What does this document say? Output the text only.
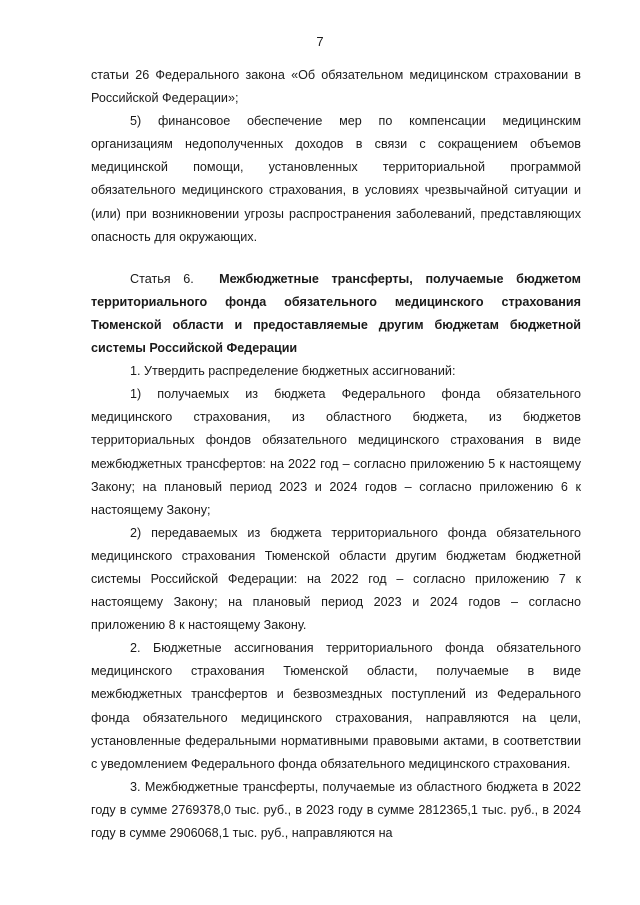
7

статьи 26 Федерального закона «Об обязательном медицинском страховании в Российской Федерации»;

5) финансовое обеспечение мер по компенсации медицинским организациям недополученных доходов в связи с сокращением объемов медицинской помощи, установленных территориальной программой обязательного медицинского страхования, в условиях чрезвычайной ситуации и (или) при возникновении угрозы распространения заболеваний, представляющих опасность для окружающих.

Статья 6. Межбюджетные трансферты, получаемые бюджетом территориального фонда обязательного медицинского страхования Тюменской области и предоставляемые другим бюджетам бюджетной системы Российской Федерации

1. Утвердить распределение бюджетных ассигнований:

1) получаемых из бюджета Федерального фонда обязательного медицинского страхования, из областного бюджета, из бюджетов территориальных фондов обязательного медицинского страхования в виде межбюджетных трансфертов: на 2022 год – согласно приложению 5 к настоящему Закону; на плановый период 2023 и 2024 годов – согласно приложению 6 к настоящему Закону;

2) передаваемых из бюджета территориального фонда обязательного медицинского страхования Тюменской области другим бюджетам бюджетной системы Российской Федерации: на 2022 год – согласно приложению 7 к настоящему Закону; на плановый период 2023 и 2024 годов – согласно приложению 8 к настоящему Закону.

2. Бюджетные ассигнования территориального фонда обязательного медицинского страхования Тюменской области, получаемые в виде межбюджетных трансфертов и безвозмездных поступлений из Федерального фонда обязательного медицинского страхования, направляются на цели, установленные федеральными нормативными правовыми актами, в соответствии с уведомлением Федерального фонда обязательного медицинского страхования.

3. Межбюджетные трансферты, получаемые из областного бюджета в 2022 году в сумме 2769378,0 тыс. руб., в 2023 году в сумме 2812365,1 тыс. руб., в 2024 году в сумме 2906068,1 тыс. руб., направляются на
